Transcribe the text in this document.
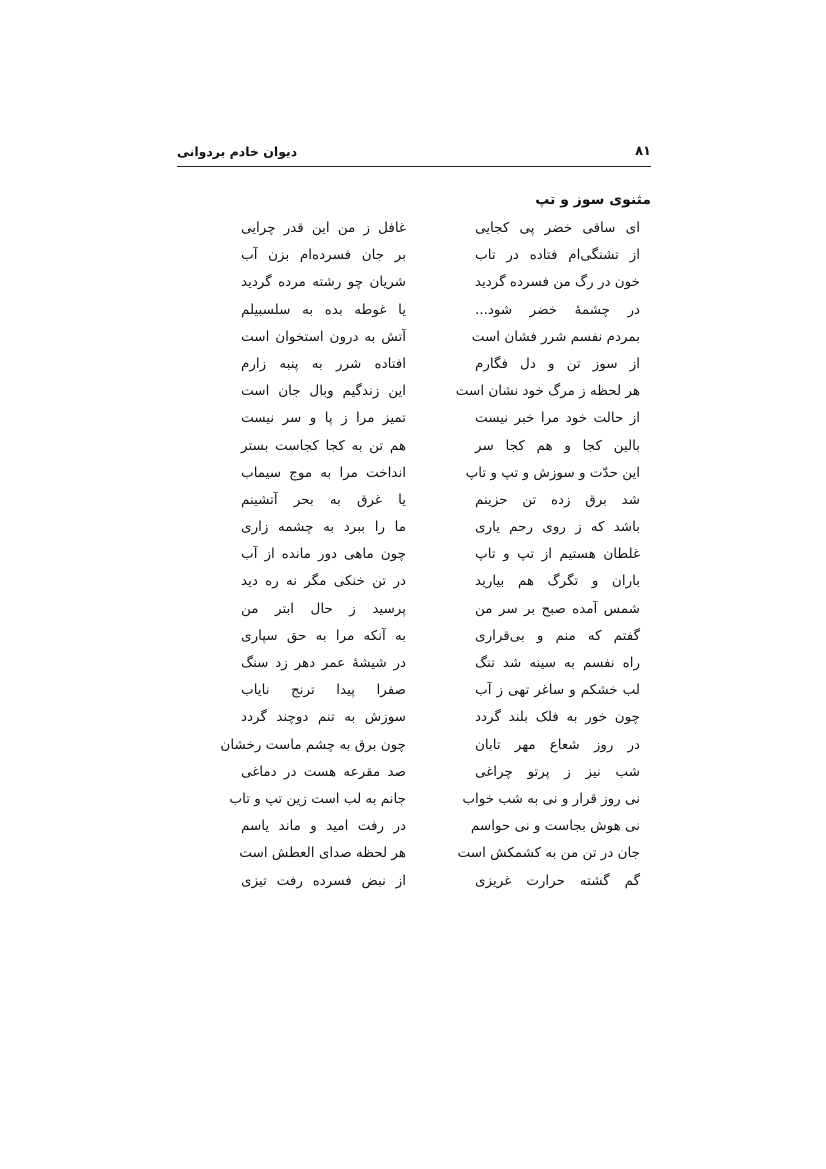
۸۱
دیوان خادم بردوانی
مثنوی سوز و تپ
ای ساقی خضر پی کجایی
غافل ز من این قدر چرایی
از تشنگی‌ام فتاده در تاب
بر جان فسرده‌ام بزن آب
خون در رگ من فسرده گردید
شریان چو رشته مرده گردید
در چشمهٔ خضر شود...
یا غوطه بده به سلسبیلم
بمردم نفسم شرر فشان است
آتش به درون استخوان است
از سوز تن و دل فگارم
افتاده شرر به پنبه زارم
هر لحظه ز مرگ خود نشان است
این زندگیم وبال جان است
از حالت خود مرا خبر نیست
تمیز مرا ز پا و سر نیست
بالین کجا و هم کجا سر
هم تن به کجا کجاست بستر
این حدّت و سوزش و تپ و تاپ
انداخت مرا به موج سیماب
شد برق زده تن حزینم
یا غرق به بحر آتشینم
باشد که ز روی رحم یاری
ما را ببرد به چشمه زاری
غلطان هستیم از تپ و تاپ
چون ماهی دور مانده از آب
باران و تگرگ هم بیارید
در تن خنکی مگر نه ره دید
شمس آمده صبح بر سر من
پرسید ز حال ابتر من
گفتم که منم و بی‌قراری
به آنکه مرا به حق سپاری
راه نفسم به سینه شد تنگ
در شیشهٔ عمر دهر زد سنگ
لب خشکم و ساغر تهی ز آب
صفرا پیدا ترنج نایاب
چون خور به فلک بلند گردد
سوزش به تنم دوچند گردد
در روز شعاع مهر تابان
چون برق به چشم ماست رخشان
شب نیز ز پرتو چراغی
صد مقرعه هست در دماغی
نی روز قرار و نی به شب خواب
جانم به لب است زین تپ و تاب
نی هوش بجاست و نی حواسم
در رفت امید و ماند یاسم
جان در تن من به کشمکش است
هر لحظه صدای العطش است
گم گشته حرارت غریزی
از نبض فسرده رفت تیزی
